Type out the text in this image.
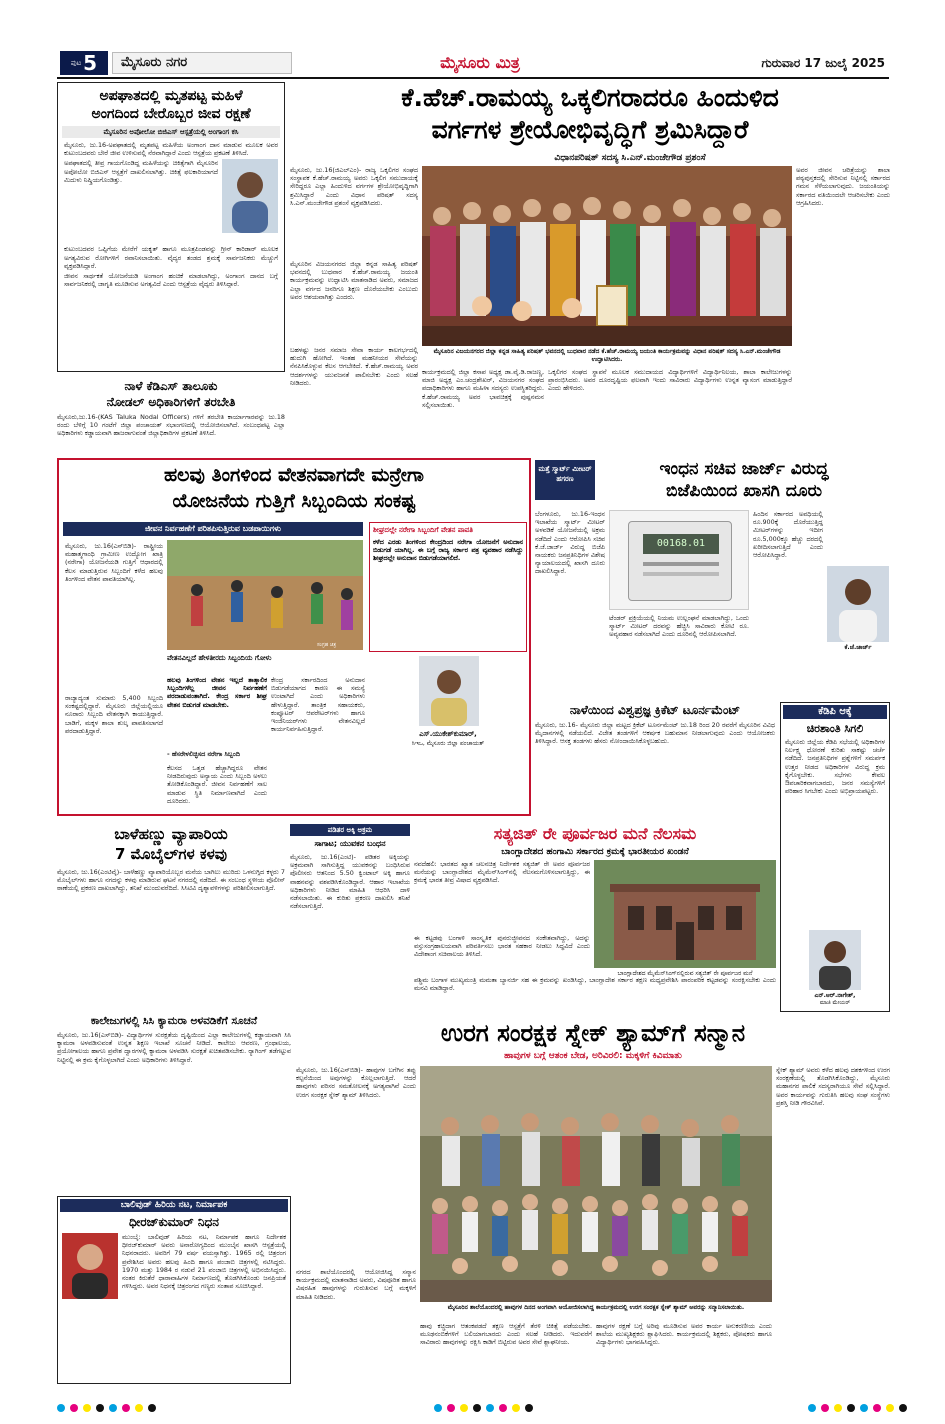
ಪುಟ 5	ಮೈಸೂರು ನಗರ	ಮೈಸೂರು ಮಿತ್ರ	ಗುರುವಾರ 17 ಜುಲೈ 2025
ಅಪಘಾತದಲ್ಲಿ ಮೃತಪಟ್ಟ ಮಹಿಳೆ
ಅಂಗದಿಂದ ಬೇರೊಬ್ಬರ ಜೀವ ರಕ್ಷಣೆ
ಮೈಸೂರಿನ ಅಪೋಲೋ ಬಿಜಿಎಸ್ ಆಸ್ಪತ್ರೆಯಲ್ಲಿ ಅಂಗಾಂಗ ಕಸಿ
ಮೈಸೂರು, ಜು.16-ಅಪಘಾತದಲ್ಲಿ ಮೃತಪಟ್ಟ ಮಹಿಳೆಯ ಅಂಗಾಂಗ ದಾನ ಮಾಡುವ ಮೂಲಕ ಅವರ ಕುಟುಂಬದವರು ಬೇರೆ ಜೀವ ಉಳಿಸುವಲ್ಲಿ ನೆರವಾಗಿದ್ದಾರೆ ಎಂದು ಆಸ್ಪತ್ರೆಯ ಪ್ರಕಟಣೆ ತಿಳಿಸಿದೆ.
ಅಪಘಾತದಲ್ಲಿ ತೀವ್ರ ಗಾಯಗೊಂಡಿದ್ದ ಮಹಿಳೆಯನ್ನು ಚಿಕಿತ್ಸೆಗಾಗಿ ಮೈಸೂರಿನ ಅಪೋಲೋ ಬಿಜಿಎಸ್ ಆಸ್ಪತ್ರೆಗೆ ದಾಖಲಿಸಲಾಗಿತ್ತು. ಚಿಕಿತ್ಸೆ ಫಲಕಾರಿಯಾಗದೆ ಮಿದುಳು ನಿಷ್ಕ್ರಿಯಗೊಂಡಿತ್ತು.
ಕುಟುಂಬದವರ ಒಪ್ಪಿಗೆಯ ಮೇರೆಗೆ ಯಕೃತ್ ಹಾಗೂ ಮೂತ್ರಪಿಂಡವನ್ನು ಗ್ರೀನ್ ಕಾರಿಡಾರ್ ಮೂಲಕ ಅಗತ್ಯವಿರುವ ರೋಗಿಗಳಿಗೆ ರವಾನಿಸಲಾಯಿತು. ವೈದ್ಯರ ತಂಡದ ಶ್ರಮಕ್ಕೆ ಸಾರ್ವಜನಿಕರು ಮೆಚ್ಚುಗೆ ವ್ಯಕ್ತಪಡಿಸಿದ್ದಾರೆ.
ಜೀವನ ಸಾರ್ಥಕತೆ ಯೋಜನೆಯಡಿ ಅಂಗಾಂಗ ಹಂಚಿಕೆ ಮಾಡಲಾಗಿದ್ದು, ಅಂಗಾಂಗ ದಾನದ ಬಗ್ಗೆ ಸಾರ್ವಜನಿಕರಲ್ಲಿ ಜಾಗೃತಿ ಮೂಡಿಸುವ ಅಗತ್ಯವಿದೆ ಎಂದು ಆಸ್ಪತ್ರೆಯ ವೈದ್ಯರು ತಿಳಿಸಿದ್ದಾರೆ.
ನಾಳೆ ಕೆಡಿಎಸ್ ತಾಲೂಕು
ನೋಡಲ್ ಅಧಿಕಾರಿಗಳಿಗೆ ತರಬೇತಿ
ಮೈಸೂರು,ಜು.16-(KAS Taluka Nodal Officers) ಗಳಿಗೆ ತರಬೇತಿ ಕಾರ್ಯಾಗಾರವನ್ನು ಜು.18 ರಂದು ಬೆಳಿಗ್ಗೆ 10 ಗಂಟೆಗೆ ಜಿಲ್ಲಾ ಪಂಚಾಯತ್ ಸಭಾಂಗಣದಲ್ಲಿ ಆಯೋಜಿಸಲಾಗಿದೆ. ಸಂಬಂಧಪಟ್ಟ ಎಲ್ಲಾ ಅಧಿಕಾರಿಗಳು ಕಡ್ಡಾಯವಾಗಿ ಹಾಜರಾಗುವಂತೆ ಜಿಲ್ಲಾಧಿಕಾರಿಗಳ ಪ್ರಕಟಣೆ ತಿಳಿಸಿದೆ.
ಕೆ.ಹೆಚ್.ರಾಮಯ್ಯ ಒಕ್ಕಲಿಗರಾದರೂ ಹಿಂದುಳಿದ
ವರ್ಗಗಳ ಶ್ರೇಯೋಭಿವೃದ್ಧಿಗೆ ಶ್ರಮಿಸಿದ್ದಾರೆ
ವಿಧಾನಪರಿಷತ್ ಸದಸ್ಯ ಸಿ.ಎನ್.ಮಂಜೇಗೌಡ ಪ್ರಶಂಸೆ
ಮೈಸೂರು, ಜು.16(ಜಿಎಲ್‌ಎಂ)- ರಾಜ್ಯ ಒಕ್ಕಲಿಗರ ಸಂಘದ ಸಂಸ್ಥಾಪಕ ಕೆ.ಹೆಚ್.ರಾಮಯ್ಯ ಅವರು ಒಕ್ಕಲಿಗ ಸಮುದಾಯಕ್ಕೆ ಸೇರಿದ್ದರೂ ಎಲ್ಲಾ ಹಿಂದುಳಿದ ವರ್ಗಗಳ ಶ್ರೇಯೋಭಿವೃದ್ಧಿಗಾಗಿ ಶ್ರಮಿಸಿದ್ದಾರೆ ಎಂದು ವಿಧಾನ ಪರಿಷತ್ ಸದಸ್ಯ ಸಿ.ಎನ್.ಮಂಜೇಗೌಡ ಪ್ರಶಂಸೆ ವ್ಯಕ್ತಪಡಿಸಿದರು.
ಮೈಸೂರಿನ ವಿಜಯನಗರದ ಜಿಲ್ಲಾ ಕನ್ನಡ ಸಾಹಿತ್ಯ ಪರಿಷತ್ ಭವನದಲ್ಲಿ ಬುಧವಾರ ಕೆ.ಹೆಚ್.ರಾಮಯ್ಯ ಜಯಂತಿ ಕಾರ್ಯಕ್ರಮವನ್ನು ಉದ್ಘಾಟಿಸಿ ಮಾತನಾಡಿದ ಅವರು, ಸಮಾಜದ ಎಲ್ಲಾ ವರ್ಗದ ಜನರಿಗೂ ಶಿಕ್ಷಣ ದೊರೆಯಬೇಕು ಎಂಬುದು ಅವರ ಆಶಯವಾಗಿತ್ತು ಎಂದರು.
ಮೈಸೂರಿನ ವಿಜಯನಗರದ ಜಿಲ್ಲಾ ಕನ್ನಡ ಸಾಹಿತ್ಯ ಪರಿಷತ್ ಭವನದಲ್ಲಿ ಬುಧವಾರ ನಡೆದ ಕೆ.ಹೆಚ್.ರಾಮಯ್ಯ ಜಯಂತಿ ಕಾರ್ಯಕ್ರಮವನ್ನು ವಿಧಾನ ಪರಿಷತ್ ಸದಸ್ಯ ಸಿ.ಎನ್.ಮಂಜೇಗೌಡ ಉದ್ಘಾಟಿಸಿದರು.
ಅವರ ಜೀವನ ಚರಿತ್ರೆಯನ್ನು ಶಾಲಾ ಪಠ್ಯಪುಸ್ತಕದಲ್ಲಿ ಸೇರಿಸುವ ನಿಟ್ಟಿನಲ್ಲಿ ಸರ್ಕಾರದ ಗಮನ ಸೆಳೆಯಲಾಗುವುದು. ಜಯಂತಿಯನ್ನು ಸರ್ಕಾರದ ವತಿಯಿಂದಲೇ ಆಚರಿಸಬೇಕು ಎಂದು ಆಗ್ರಹಿಸಿದರು.
ಬಹಳಷ್ಟು ಜನರ ಸಮಾಜ ಸೇವಾ ಕಾರ್ಯ ಕಾಲಗರ್ಭದಲ್ಲಿ ಹುದುಗಿ ಹೋಗಿದೆ. ಇಂತಹ ಮಹನೀಯರ ಸೇವೆಯನ್ನು ನೆನಪಿಸಿಕೊಳ್ಳುವ ಕೆಲಸ ಆಗಬೇಕಿದೆ. ಕೆ.ಹೆಚ್.ರಾಮಯ್ಯ ಅವರ ಆದರ್ಶಗಳನ್ನು ಯುವಜನತೆ ಪಾಲಿಸಬೇಕು ಎಂದು ಸಲಹೆ ನೀಡಿದರು.
ಕಾರ್ಯಕ್ರಮದಲ್ಲಿ ಜಿಲ್ಲಾ ಕಸಾಪ ಅಧ್ಯಕ್ಷ ಡಾ.ವೈ.ಡಿ.ರಾಜಣ್ಣ, ಮಾಜಿ ಅಧ್ಯಕ್ಷ ಎಂ.ಚಂದ್ರಶೇಖರ್, ವಿಜಯನಗರ ಸಂಘದ ಪದಾಧಿಕಾರಿಗಳು ಹಾಗೂ ಮಹಿಳಾ ಸದಸ್ಯರು ಉಪಸ್ಥಿತರಿದ್ದರು. ಕೆ.ಹೆಚ್.ರಾಮಯ್ಯ ಅವರ ಭಾವಚಿತ್ರಕ್ಕೆ ಪುಷ್ಪನಮನ ಸಲ್ಲಿಸಲಾಯಿತು.
ಒಕ್ಕಲಿಗರ ಸಂಘದ ಸ್ಥಾಪನೆ ಮೂಲಕ ಸಮುದಾಯದ ವಿದ್ಯಾರ್ಥಿಗಳಿಗೆ ವಿದ್ಯಾರ್ಥಿನಿಲಯ, ಶಾಲಾ ಕಾಲೇಜುಗಳನ್ನು ಪ್ರಾರಂಭಿಸಿದರು. ಅವರ ದೂರದೃಷ್ಟಿಯ ಫಲವಾಗಿ ಇಂದು ಸಾವಿರಾರು ವಿದ್ಯಾರ್ಥಿಗಳು ಉನ್ನತ ವ್ಯಾಸಂಗ ಮಾಡುತ್ತಿದ್ದಾರೆ ಎಂದು ಹೇಳಿದರು.
ಹಲವು ತಿಂಗಳಿಂದ ವೇತನವಾಗದೇ ಮನ್ರೇಗಾ
ಯೋಜನೆಯ ಗುತ್ತಿಗೆ ಸಿಬ್ಬಂದಿಯ ಸಂಕಷ್ಟ
ಜೀವನ ನಿರ್ವಹಣೆಗೆ ಪರಿತಪಿಸುತ್ತಿರುವ ಬಡಪಾಯಿಗಳು
ಮೈಸೂರು, ಜು.16(ಎಸ್‌ಬಿಡಿ)- ರಾಷ್ಟ್ರೀಯ ಮಹಾತ್ಮಗಾಂಧಿ ಗ್ರಾಮೀಣ ಉದ್ಯೋಗ ಖಾತ್ರಿ (ನರೇಗಾ) ಯೋಜನೆಯಡಿ ಗುತ್ತಿಗೆ ಆಧಾರದಲ್ಲಿ ಕೆಲಸ ಮಾಡುತ್ತಿರುವ ಸಿಬ್ಬಂದಿಗೆ ಕಳೆದ ಹಲವು ತಿಂಗಳಿಂದ ವೇತನ ಪಾವತಿಯಾಗಿಲ್ಲ.
ಸಂಗ್ರಹ ಚಿತ್ರ
ರಾಜ್ಯಾದ್ಯಂತ ಸುಮಾರು 5,400 ಸಿಬ್ಬಂದಿ ಸಂಕಷ್ಟದಲ್ಲಿದ್ದಾರೆ. ಮೈಸೂರು ಜಿಲ್ಲೆಯಲ್ಲಿಯೂ ನೂರಾರು ಸಿಬ್ಬಂದಿ ವೇತನಕ್ಕಾಗಿ ಕಾಯುತ್ತಿದ್ದಾರೆ. ಬಾಡಿಗೆ, ಮಕ್ಕಳ ಶಾಲಾ ಶುಲ್ಕ ಪಾವತಿಸಲಾಗದೆ ಪರದಾಡುತ್ತಿದ್ದಾರೆ.
ವೇತನವಿಲ್ಲದೆ ಹೇಳತೀರದು ಸಿಬ್ಬಂದಿಯ ಗೋಳು
ಹಲವು ತಿಂಗಳಿಂದ ವೇತನ ಇಲ್ಲದೆ ತಾತ್ಕಾಲಿಕ ಸಿಬ್ಬಂದಿಗಳೆಲ್ಲ ಜೀವನ ನಿರ್ವಹಣೆಗೆ ಪರದಾಡುವಂತಾಗಿದೆ. ಕೇಂದ್ರ ಸರ್ಕಾರ ಶೀಘ್ರ ವೇತನ ಬಿಡುಗಡೆ ಮಾಡಬೇಕು.
- ಹೆಸರೇಳಲಿಚ್ಛಿಸದ ನರೇಗಾ ಸಿಬ್ಬಂದಿ
ಕೇಂದ್ರ ಸರ್ಕಾರದಿಂದ ಅನುದಾನ ಬಿಡುಗಡೆಯಾಗದ ಕಾರಣ ಈ ಸಮಸ್ಯೆ ಉಂಟಾಗಿದೆ ಎಂದು ಅಧಿಕಾರಿಗಳು ಹೇಳುತ್ತಿದ್ದಾರೆ. ತಾಂತ್ರಿಕ ಸಹಾಯಕರು, ಕಂಪ್ಯೂಟರ್ ಆಪರೇಟರ್‌ಗಳು ಹಾಗೂ ಇಂಜಿನಿಯರ್‌ಗಳು ವೇತನವಿಲ್ಲದೆ ಕಾರ್ಯನಿರ್ವಹಿಸುತ್ತಿದ್ದಾರೆ.
ಕೆಲಸದ ಒತ್ತಡ ಹೆಚ್ಚಾಗಿದ್ದರೂ ವೇತನ ನೀಡದಿರುವುದು ಅನ್ಯಾಯ ಎಂದು ಸಿಬ್ಬಂದಿ ಅಳಲು ತೋಡಿಕೊಂಡಿದ್ದಾರೆ. ಜೀವನ ನಿರ್ವಹಣೆಗೆ ಸಾಲ ಮಾಡುವ ಸ್ಥಿತಿ ನಿರ್ಮಾಣವಾಗಿದೆ ಎಂದು ದೂರಿದರು.
ಶೀಘ್ರದಲ್ಲೇ ನರೇಗಾ ಸಿಬ್ಬಂದಿಗೆ ವೇತನ ಪಾವತಿ
ಕಳೆದ ಎರಡು ತಿಂಗಳಿಂದ ಕೇಂದ್ರದಿಂದ ನರೇಗಾ ಯೋಜನೆಗೆ ಅನುದಾನ ಬಿಡುಗಡೆ ಯಾಗಿಲ್ಲ. ಈ ಬಗ್ಗೆ ರಾಜ್ಯ ಸರ್ಕಾರ ಪತ್ರ ವ್ಯವಹಾರ ನಡೆಸಿದ್ದು ಶೀಘ್ರದಲ್ಲೇ ಅನುದಾನ ಬಿಡುಗಡೆಯಾಗಲಿದೆ.
ಎಸ್.ಯುಕೇಶ್‌ಕುಮಾರ್,
ಸಿಇಒ, ಮೈಸೂರು ಜಿಲ್ಲಾ ಪಂಚಾಯತ್
ಮತ್ತೆ ಸ್ಮಾರ್ಟ್ ಮೀಟರ್ ಹಗರಣ	ಇಂಧನ ಸಚಿವ ಜಾರ್ಜ್ ವಿರುದ್ಧ
ಬಿಜೆಪಿಯಿಂದ ಖಾಸಗಿ ದೂರು
ಬೆಂಗಳೂರು, ಜು.16-ಇಂಧನ ಇಲಾಖೆಯ ಸ್ಮಾರ್ಟ್ ಮೀಟರ್ ಅಳವಡಿಕೆ ಯೋಜನೆಯಲ್ಲಿ ಅಕ್ರಮ ನಡೆದಿದೆ ಎಂದು ಆರೋಪಿಸಿ ಸಚಿವ ಕೆ.ಜೆ.ಜಾರ್ಜ್ ವಿರುದ್ಧ ಬಿಜೆಪಿ ನಾಯಕರು ಜನಪ್ರತಿನಿಧಿಗಳ ವಿಶೇಷ ನ್ಯಾಯಾಲಯದಲ್ಲಿ ಖಾಸಗಿ ದೂರು ದಾಖಲಿಸಿದ್ದಾರೆ.
00168.01
ಟೆಂಡರ್ ಪ್ರಕ್ರಿಯೆಯಲ್ಲಿ ನಿಯಮ ಉಲ್ಲಂಘನೆ ಮಾಡಲಾಗಿದ್ದು, ಒಂದು ಸ್ಮಾರ್ಟ್ ಮೀಟರ್ ದರವನ್ನು ಹೆಚ್ಚಿಸಿ ಸಾವಿರಾರು ಕೋಟಿ ರೂ. ಅವ್ಯವಹಾರ ನಡೆಸಲಾಗಿದೆ ಎಂದು ದೂರಿನಲ್ಲಿ ಆರೋಪಿಸಲಾಗಿದೆ.
ಹಿಂದಿನ ಸರ್ಕಾರದ ಅವಧಿಯಲ್ಲಿ ರೂ.900ಕ್ಕೆ ದೊರೆಯುತ್ತಿದ್ದ ಮೀಟರ್‌ಗಳನ್ನು ಇದೀಗ ರೂ.5,000ಕ್ಕೂ ಹೆಚ್ಚು ದರದಲ್ಲಿ ಖರೀದಿಸಲಾಗುತ್ತಿದೆ ಎಂದು ಆರೋಪಿಸಿದ್ದಾರೆ.
ಕೆ.ಜೆ.ಜಾರ್ಜ್
ನಾಳೆಯಿಂದ ವಿಶ್ವಪ್ರಜ್ಞ ಕ್ರಿಕೆಟ್ ಟೂರ್ನಮೆಂಟ್
ಮೈಸೂರು, ಜು.16- ಮೈಸೂರು ಜಿಲ್ಲಾ ಮಟ್ಟದ ಕ್ರಿಕೆಟ್ ಟೂರ್ನಮೆಂಟ್ ಜು.18 ರಿಂದ 20 ರವರೆಗೆ ಮೈಸೂರಿನ ವಿವಿಧ ಮೈದಾನಗಳಲ್ಲಿ ನಡೆಯಲಿದೆ. ವಿಜೇತ ತಂಡಗಳಿಗೆ ಆಕರ್ಷಕ ಬಹುಮಾನ ನೀಡಲಾಗುವುದು ಎಂದು ಆಯೋಜಕರು ತಿಳಿಸಿದ್ದಾರೆ. ಆಸಕ್ತ ತಂಡಗಳು ಹೆಸರು ನೋಂದಾಯಿಸಿಕೊಳ್ಳಬಹುದು.
ಕೆಡಿಪಿ ಆಕ್ಕೆ
ಚಿರಶಾಂತಿ ಸಿಗಲಿ
ಮೈಸೂರು ಜಿಲ್ಲೆಯ ಕೆಡಿಪಿ ಸಭೆಯಲ್ಲಿ ಅಧಿಕಾರಿಗಳ ನಿರ್ಲಕ್ಷ್ಯ ಧೋರಣೆ ಕುರಿತು ಸಾಕಷ್ಟು ಚರ್ಚೆ ನಡೆದಿದೆ. ಜನಪ್ರತಿನಿಧಿಗಳ ಪ್ರಶ್ನೆಗಳಿಗೆ ಸಮರ್ಪಕ ಉತ್ತರ ನೀಡದ ಅಧಿಕಾರಿಗಳ ವಿರುದ್ಧ ಕ್ರಮ ಕೈಗೊಳ್ಳಬೇಕು. ಸಭೆಗಳು ಕೇವಲ ಔಪಚಾರಿಕವಾಗಬಾರದು, ಜನರ ಸಮಸ್ಯೆಗಳಿಗೆ ಪರಿಹಾರ ಸಿಗಬೇಕು ಎಂದು ಅಭಿಪ್ರಾಯಪಟ್ಟರು.
ಎನ್.ಆರ್.ನಾಗೇಶ್,
ಮಾಜಿ ಮೇಯರ್
ಬಾಳೆಹಣ್ಣು ವ್ಯಾಪಾರಿಯ
7 ಮೊಬೈಲ್‌ಗಳ ಕಳವು
ಮೈಸೂರು, ಜು.16(ಎಂಟಿವೈ)- ಬಾಳೆಹಣ್ಣು ವ್ಯಾಪಾರಿಯೊಬ್ಬರ ಮನೆಯ ಬಾಗಿಲು ಮುರಿದು ಒಳನುಗ್ಗಿದ ಕಳ್ಳರು 7 ಮೊಬೈಲ್‌ಗಳು ಹಾಗೂ ನಗದನ್ನು ಕಳವು ಮಾಡಿರುವ ಘಟನೆ ನಗರದಲ್ಲಿ ನಡೆದಿದೆ. ಈ ಸಂಬಂಧ ಸ್ಥಳೀಯ ಪೊಲೀಸ್ ಠಾಣೆಯಲ್ಲಿ ಪ್ರಕರಣ ದಾಖಲಾಗಿದ್ದು, ತನಿಖೆ ಮುಂದುವರೆದಿದೆ. ಸಿಸಿಟಿವಿ ದೃಶ್ಯಾವಳಿಗಳನ್ನು ಪರಿಶೀಲಿಸಲಾಗುತ್ತಿದೆ.
ಪಡಿತರ ಅಕ್ಕಿ ಅಕ್ರಮ
ಸಾಗಾಟ; ಯುವಕನ ಬಂಧನ
ಮೈಸೂರು, ಜು.16(ಎಂಟಿ)- ಪಡಿತರ ಅಕ್ಕಿಯನ್ನು ಅಕ್ರಮವಾಗಿ ಸಾಗಿಸುತ್ತಿದ್ದ ಯುವಕನನ್ನು ಬಂಧಿಸಿರುವ ಪೊಲೀಸರು ಆತನಿಂದ 5.50 ಕ್ವಿಂಟಾಲ್ ಅಕ್ಕಿ ಹಾಗೂ ವಾಹನವನ್ನು ವಶಪಡಿಸಿಕೊಂಡಿದ್ದಾರೆ. ಆಹಾರ ಇಲಾಖೆಯ ಅಧಿಕಾರಿಗಳು ನೀಡಿದ ಮಾಹಿತಿ ಆಧರಿಸಿ ದಾಳಿ ನಡೆಸಲಾಯಿತು. ಈ ಕುರಿತು ಪ್ರಕರಣ ದಾಖಲಿಸಿ ತನಿಖೆ ನಡೆಸಲಾಗುತ್ತಿದೆ.
ಸತ್ಯಜಿತ್ ರೇ ಪೂರ್ವಜರ ಮನೆ ನೆಲಸಮ
ಬಾಂಗ್ಲಾದೇಶದ ಹಂಗಾಮಿ ಸರ್ಕಾರದ ಕ್ರಮಕ್ಕೆ ಭಾರತೀಯರ ಖಂಡನೆ
ನವದೆಹಲಿ: ಭಾರತದ ಖ್ಯಾತ ಚಲನಚಿತ್ರ ನಿರ್ದೇಶಕ ಸತ್ಯಜಿತ್ ರೇ ಅವರ ಪೂರ್ವಜರ ಮನೆಯನ್ನು ಬಾಂಗ್ಲಾದೇಶದ ಮೈಮೆನ್‌ಸಿಂಗ್‌ನಲ್ಲಿ ನೆಲಸಮಗೊಳಿಸಲಾಗುತ್ತಿದ್ದು, ಈ ಕ್ರಮಕ್ಕೆ ಭಾರತ ತೀವ್ರ ವಿಷಾದ ವ್ಯಕ್ತಪಡಿಸಿದೆ.
ಬಾಂಗ್ಲಾದೇಶದ ಮೈಮೆನ್‌ಸಿಂಗ್‌ನಲ್ಲಿರುವ ಸತ್ಯಜಿತ್ ರೇ ಪೂರ್ವಜರ ಮನೆ
ಈ ಕಟ್ಟಡವು ಬಂಗಾಳಿ ಸಾಂಸ್ಕೃತಿಕ ಪುನರುಜ್ಜೀವನದ ಸಂಕೇತವಾಗಿದ್ದು, ಅದನ್ನು ವಸ್ತುಸಂಗ್ರಹಾಲಯವಾಗಿ ಪರಿವರ್ತಿಸಲು ಭಾರತ ಸಹಕಾರ ನೀಡಲು ಸಿದ್ಧವಿದೆ ಎಂದು ವಿದೇಶಾಂಗ ಸಚಿವಾಲಯ ತಿಳಿಸಿದೆ.
ಪಶ್ಚಿಮ ಬಂಗಾಳ ಮುಖ್ಯಮಂತ್ರಿ ಮಮತಾ ಬ್ಯಾನರ್ಜಿ ಸಹ ಈ ಕ್ರಮವನ್ನು ಖಂಡಿಸಿದ್ದು, ಬಾಂಗ್ಲಾದೇಶ ಸರ್ಕಾರ ತಕ್ಷಣ ಮಧ್ಯಪ್ರವೇಶಿಸಿ ಪಾರಂಪರಿಕ ಕಟ್ಟಡವನ್ನು ಸಂರಕ್ಷಿಸಬೇಕು ಎಂದು ಮನವಿ ಮಾಡಿದ್ದಾರೆ.
ಕಾಲೇಜುಗಳಲ್ಲಿ ಸಿಸಿ ಕ್ಯಾಮರಾ ಅಳವಡಿಕೆಗೆ ಸೂಚನೆ
ಮೈಸೂರು, ಜು.16(ಎಸ್‌ಬಿಡಿ)- ವಿದ್ಯಾರ್ಥಿಗಳ ಸುರಕ್ಷತೆಯ ದೃಷ್ಟಿಯಿಂದ ಎಲ್ಲಾ ಕಾಲೇಜುಗಳಲ್ಲಿ ಕಡ್ಡಾಯವಾಗಿ ಸಿಸಿ ಕ್ಯಾಮರಾ ಅಳವಡಿಸುವಂತೆ ಉನ್ನತ ಶಿಕ್ಷಣ ಇಲಾಖೆ ಸೂಚನೆ ನೀಡಿದೆ. ಕಾಲೇಜು ಆವರಣ, ಗ್ರಂಥಾಲಯ, ಪ್ರಯೋಗಾಲಯ ಹಾಗೂ ಪ್ರವೇಶ ದ್ವಾರಗಳಲ್ಲಿ ಕ್ಯಾಮರಾ ಅಳವಡಿಸಿ ಸುರಕ್ಷತೆ ಖಚಿತಪಡಿಸಬೇಕು. ರ‍್ಯಾಗಿಂಗ್ ತಡೆಗಟ್ಟುವ ನಿಟ್ಟಿನಲ್ಲಿ ಈ ಕ್ರಮ ಕೈಗೊಳ್ಳಲಾಗಿದೆ ಎಂದು ಅಧಿಕಾರಿಗಳು ತಿಳಿಸಿದ್ದಾರೆ.
ಬಾಲಿವುಡ್ ಹಿರಿಯ ನಟ, ನಿರ್ಮಾಪಕ
ಧೀರಜ್‌ಕುಮಾರ್ ನಿಧನ
ಮುಂಬೈ: ಬಾಲಿವುಡ್ ಹಿರಿಯ ನಟ, ನಿರ್ಮಾಪಕ ಹಾಗೂ ನಿರ್ದೇಶಕ ಧೀರಜ್‌ಕುಮಾರ್ ಅವರು ಅನಾರೋಗ್ಯದಿಂದ ಮುಂಬೈನ ಖಾಸಗಿ ಆಸ್ಪತ್ರೆಯಲ್ಲಿ ನಿಧನರಾದರು. ಅವರಿಗೆ 79 ವರ್ಷ ವಯಸ್ಸಾಗಿತ್ತು. 1965 ರಲ್ಲಿ ಚಿತ್ರರಂಗ ಪ್ರವೇಶಿಸಿದ ಅವರು ಹಲವು ಹಿಂದಿ ಹಾಗೂ ಪಂಜಾಬಿ ಚಿತ್ರಗಳಲ್ಲಿ ನಟಿಸಿದ್ದರು. 1970 ಮತ್ತು 1984 ರ ನಡುವೆ 21 ಪಂಜಾಬಿ ಚಿತ್ರಗಳಲ್ಲಿ ಅಭಿನಯಿಸಿದ್ದರು. ನಂತರ ಕಿರುತೆರೆ ಧಾರಾವಾಹಿಗಳ ನಿರ್ಮಾಣದಲ್ಲಿ ತೊಡಗಿಸಿಕೊಂಡು ಜನಪ್ರಿಯತೆ ಗಳಿಸಿದ್ದರು. ಅವರ ನಿಧನಕ್ಕೆ ಚಿತ್ರರಂಗದ ಗಣ್ಯರು ಸಂತಾಪ ಸೂಚಿಸಿದ್ದಾರೆ.
ಉರಗ ಸಂರಕ್ಷಕ ಸ್ನೇಕ್ ಶ್ಯಾಮ್‌ಗೆ ಸನ್ಮಾನ
ಹಾವುಗಳ ಬಗ್ಗೆ ಆತಂಕ ಬೇಡ, ಅರಿವಿರಲಿ: ಮಕ್ಕಳಿಗೆ ಕಿವಿಮಾತು
ಮೈಸೂರು, ಜು.16(ಎಸ್‌ಬಿಡಿ)- ಹಾವುಗಳ ಬಗೆಗಿನ ತಪ್ಪು ಕಲ್ಪನೆಯಿಂದ ಅವುಗಳನ್ನು ಕೊಲ್ಲಲಾಗುತ್ತಿದೆ. ಆದರೆ ಹಾವುಗಳು ಪರಿಸರ ಸಮತೋಲನಕ್ಕೆ ಅಗತ್ಯವಾಗಿವೆ ಎಂದು ಉರಗ ಸಂರಕ್ಷಕ ಸ್ನೇಕ್ ಶ್ಯಾಮ್ ತಿಳಿಸಿದರು.
ಮೈಸೂರಿನ ಶಾಲೆಯೊಂದರಲ್ಲಿ ಹಾವುಗಳ ದಿನದ ಅಂಗವಾಗಿ ಆಯೋಜಿಸಲಾಗಿದ್ದ ಕಾರ್ಯಕ್ರಮದಲ್ಲಿ ಉರಗ ಸಂರಕ್ಷಕ ಸ್ನೇಕ್ ಶ್ಯಾಮ್ ಅವರನ್ನು ಸನ್ಮಾನಿಸಲಾಯಿತು.
ನಗರದ ಶಾಲೆಯೊಂದರಲ್ಲಿ ಆಯೋಜಿಸಿದ್ದ ಸನ್ಮಾನ ಕಾರ್ಯಕ್ರಮದಲ್ಲಿ ಮಾತನಾಡಿದ ಅವರು, ವಿಷಪೂರಿತ ಹಾಗೂ ವಿಷರಹಿತ ಹಾವುಗಳನ್ನು ಗುರುತಿಸುವ ಬಗ್ಗೆ ಮಕ್ಕಳಿಗೆ ಮಾಹಿತಿ ನೀಡಿದರು.
ಹಾವು ಕಚ್ಚಿದಾಗ ಆತಂಕಪಡದೆ ತಕ್ಷಣ ಆಸ್ಪತ್ರೆಗೆ ತೆರಳಿ ಚಿಕಿತ್ಸೆ ಪಡೆಯಬೇಕು. ಮೂಢನಂಬಿಕೆಗಳಿಗೆ ಬಲಿಯಾಗಬಾರದು ಎಂದು ಸಲಹೆ ನೀಡಿದರು. ಇದುವರೆಗೆ ಸಾವಿರಾರು ಹಾವುಗಳನ್ನು ರಕ್ಷಿಸಿ ಕಾಡಿಗೆ ಬಿಟ್ಟಿರುವ ಅವರ ಸೇವೆ ಶ್ಲಾಘನೀಯ.
ಹಾವುಗಳ ರಕ್ಷಣೆ ಬಗ್ಗೆ ಅರಿವು ಮೂಡಿಸುವ ಅವರ ಕಾರ್ಯ ಅನುಕರಣೀಯ ಎಂದು ಶಾಲೆಯ ಮುಖ್ಯಶಿಕ್ಷಕರು ಶ್ಲಾಘಿಸಿದರು. ಕಾರ್ಯಕ್ರಮದಲ್ಲಿ ಶಿಕ್ಷಕರು, ಪೋಷಕರು ಹಾಗೂ ವಿದ್ಯಾರ್ಥಿಗಳು ಭಾಗವಹಿಸಿದ್ದರು.
ಸ್ನೇಕ್ ಶ್ಯಾಮ್ ಅವರು ಕಳೆದ ಹಲವು ದಶಕಗಳಿಂದ ಉರಗ ಸಂರಕ್ಷಣೆಯಲ್ಲಿ ತೊಡಗಿಸಿಕೊಂಡಿದ್ದು, ಮೈಸೂರು ಮಹಾನಗರ ಪಾಲಿಕೆ ಸದಸ್ಯರಾಗಿಯೂ ಸೇವೆ ಸಲ್ಲಿಸಿದ್ದಾರೆ. ಅವರ ಕಾರ್ಯವನ್ನು ಗುರುತಿಸಿ ಹಲವು ಸಂಘ ಸಂಸ್ಥೆಗಳು ಪ್ರಶಸ್ತಿ ನೀಡಿ ಗೌರವಿಸಿವೆ.
